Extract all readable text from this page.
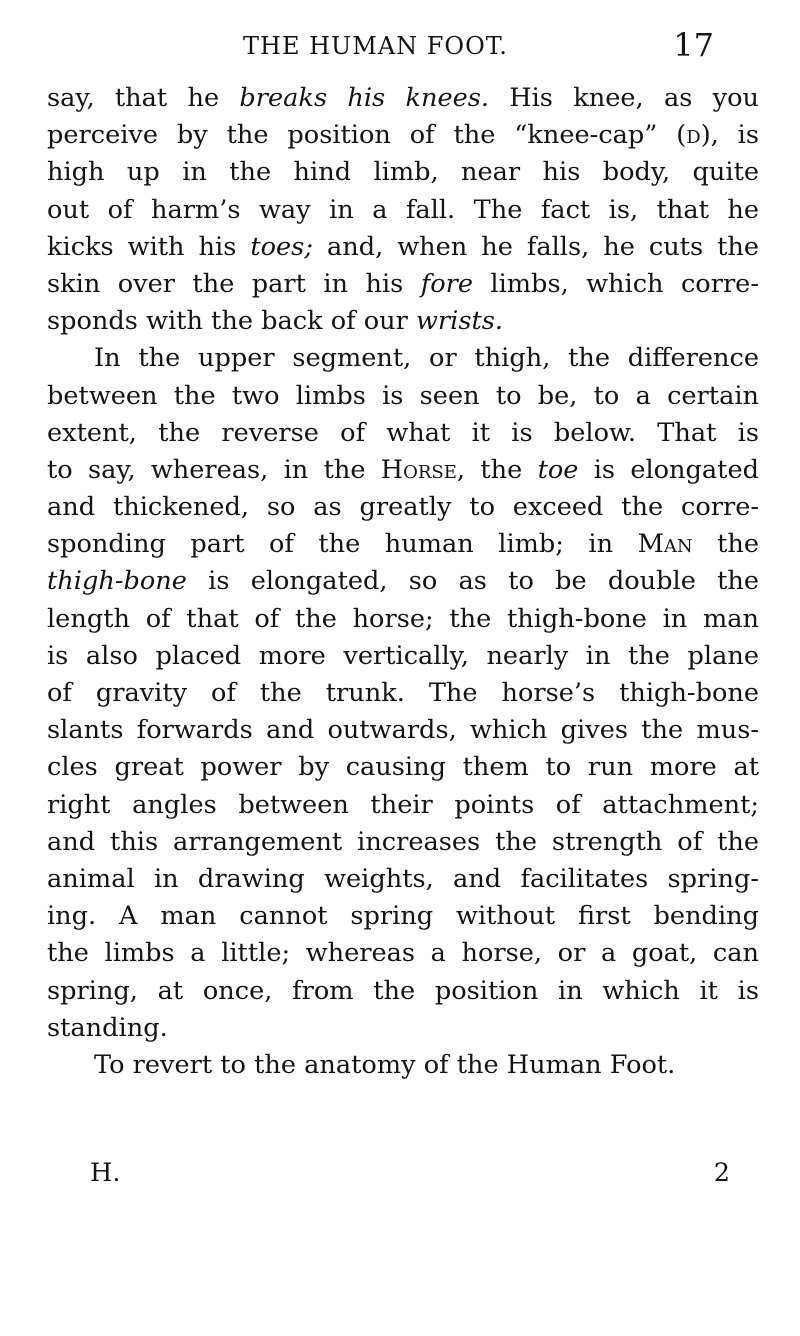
THE HUMAN FOOT.	17
say, that he breaks his knees. His knee, as you
perceive by the position of the “knee-cap” (d), is
high up in the hind limb, near his body, quite
out of harm’s way in a fall. The fact is, that he
kicks with his toes; and, when he falls, he cuts the
skin over the part in his fore limbs, which corre-
sponds with the back of our wrists.
In the upper segment, or thigh, the difference
between the two limbs is seen to be, to a certain
extent, the reverse of what it is below. That is
to say, whereas, in the Horse, the toe is elongated
and thickened, so as greatly to exceed the corre-
sponding part of the human limb; in Man the
thigh-bone is elongated, so as to be double the
length of that of the horse; the thigh-bone in man
is also placed more vertically, nearly in the plane
of gravity of the trunk. The horse’s thigh-bone
slants forwards and outwards, which gives the mus-
cles great power by causing them to run more at
right angles between their points of attachment;
and this arrangement increases the strength of the
animal in drawing weights, and facilitates spring-
ing. A man cannot spring without first bending
the limbs a little; whereas a horse, or a goat, can
spring, at once, from the position in which it is
standing.
To revert to the anatomy of the Human Foot.
H.	2
